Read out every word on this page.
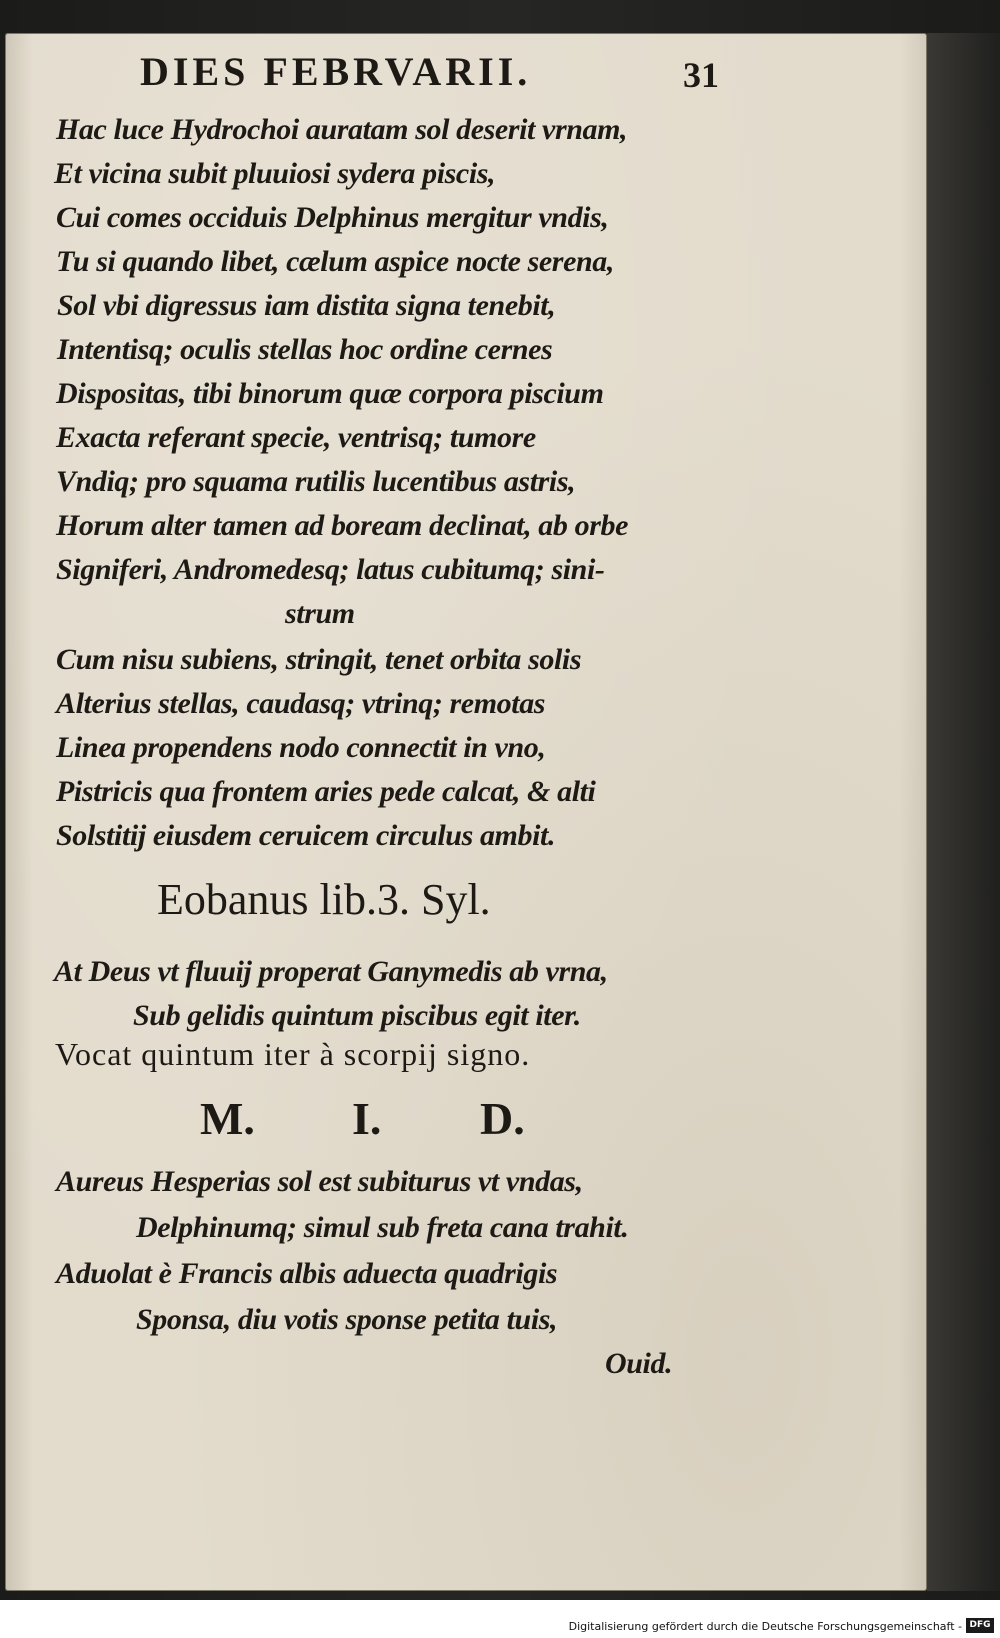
DIES FEBRVARII.	31
Hac luce Hydrochoi auratam sol deserit vrnam,
Et vicina subit pluuiosi sydera piscis,
Cui comes occiduis Delphinus mergitur vndis,
Tu si quando libet, cælum aspice nocte serena,
Sol vbi digressus iam distita signa tenebit,
Intentisq; oculis stellas hoc ordine cernes
Dispositas, tibi binorum quæ corpora piscium
Exacta referant specie, ventrisq; tumore
Vndiq; pro squama rutilis lucentibus astris,
Horum alter tamen ad boream declinat, ab orbe
Signiferi, Andromedesq; latus cubitumq; sini-
strum
Cum nisu subiens, stringit, tenet orbita solis
Alterius stellas, caudasq; vtrinq; remotas
Linea propendens nodo connectit in vno,
Pistricis qua frontem aries pede calcat, & alti
Solstitij eiusdem ceruicem circulus ambit.
Eobanus lib.3. Syl.
At Deus vt fluuij properat Ganymedis ab vrna,
Sub gelidis quintum piscibus egit iter.
Vocat quintum iter à scorpij signo.
M. I. D.
Aureus Hesperias sol est subiturus vt vndas,
Delphinumq; simul sub freta cana trahit.
Aduolat è Francis albis aduecta quadrigis
Sponsa, diu votis sponse petita tuis,
Ouid.
Digitalisierung gefördert durch die Deutsche Forschungsgemeinschaft - DFG
